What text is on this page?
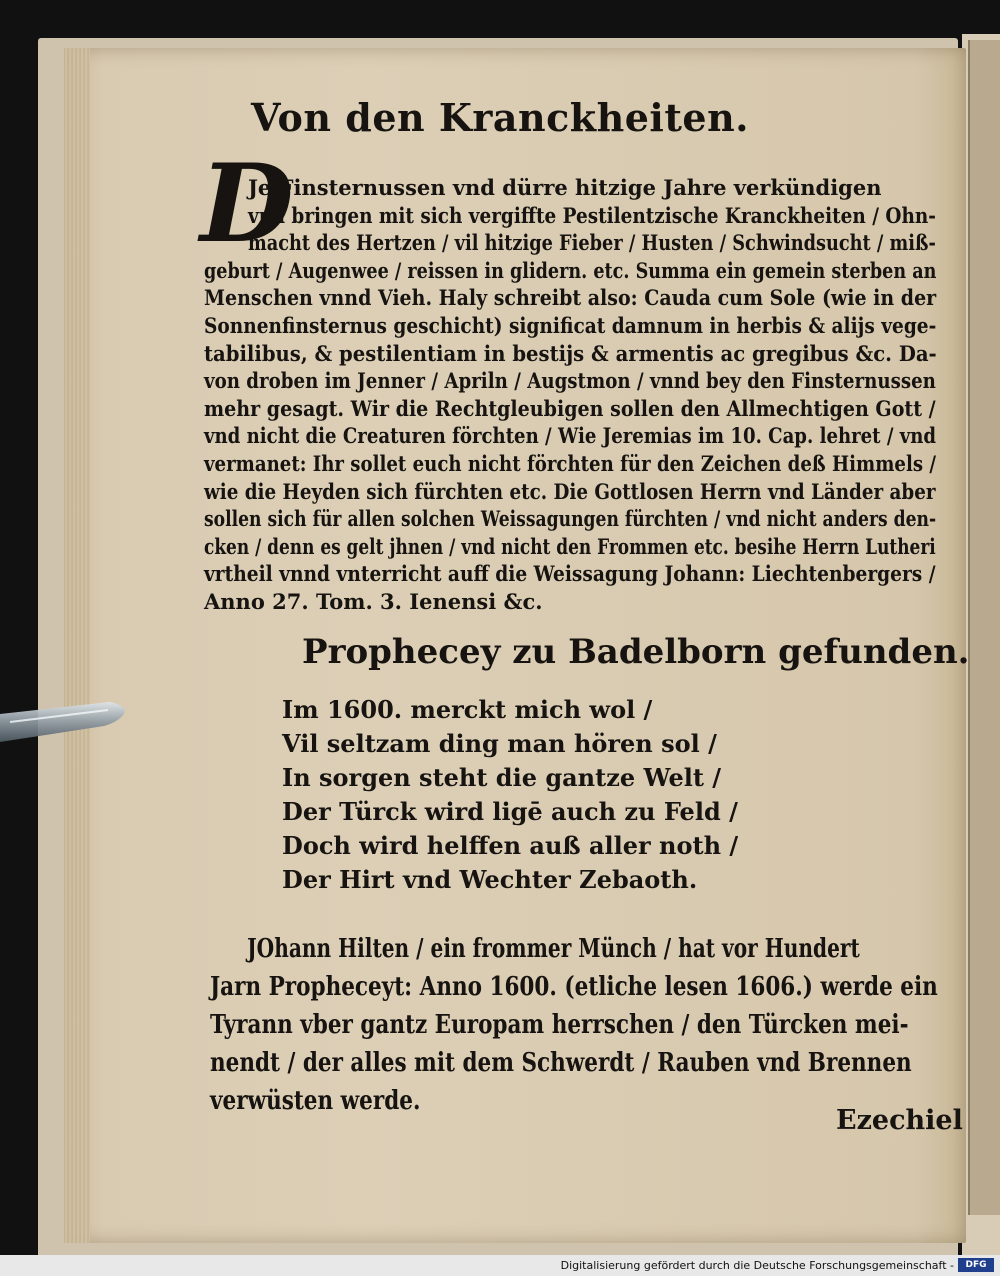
Von den Kranckheiten.
D
Je Finsternussen vnd dürre hitzige Jahre verkündigen
vnd bringen mit sich vergiffte Pestilentzische Kranckheiten / Ohn-
macht des Hertzen / vil hitzige Fieber / Husten / Schwindsucht / miß-
geburt / Augenwee / reissen in glidern. etc. Summa ein gemein sterben an
Menschen vnnd Vieh. Haly schreibt also: Cauda cum Sole (wie in der
Sonnenfinsternus geschicht) significat damnum in herbis & alijs vege-
tabilibus, & pestilentiam in bestijs & armentis ac gregibus &c. Da-
von droben im Jenner / Apriln / Augstmon / vnnd bey den Finsternussen
mehr gesagt. Wir die Rechtgleubigen sollen den Allmechtigen Gott /
vnd nicht die Creaturen förchten / Wie Jeremias im 10. Cap. lehret / vnd
vermanet: Ihr sollet euch nicht förchten für den Zeichen deß Himmels /
wie die Heyden sich fürchten etc. Die Gottlosen Herrn vnd Länder aber
sollen sich für allen solchen Weissagungen fürchten / vnd nicht anders den-
cken / denn es gelt jhnen / vnd nicht den Frommen etc. besihe Herrn Lutheri
vrtheil vnnd vnterricht auff die Weissagung Johann: Liechtenbergers /
Anno 27. Tom. 3. Ienensi &c.
Prophecey zu Badelborn gefunden.
Im 1600. merckt mich wol /
Vil seltzam ding man hören sol /
In sorgen steht die gantze Welt /
Der Türck wird ligē auch zu Feld /
Doch wird helffen auß aller noth /
Der Hirt vnd Wechter Zebaoth.
JOhann Hilten / ein frommer Münch / hat vor Hundert
Jarn Propheceyt: Anno 1600. (etliche lesen 1606.) werde ein
Tyrann vber gantz Europam herrschen / den Türcken mei-
nendt / der alles mit dem Schwerdt / Rauben vnd Brennen
verwüsten werde.
Ezechiel
Digitalisierung gefördert durch die Deutsche Forschungsgemeinschaft -	DFG
